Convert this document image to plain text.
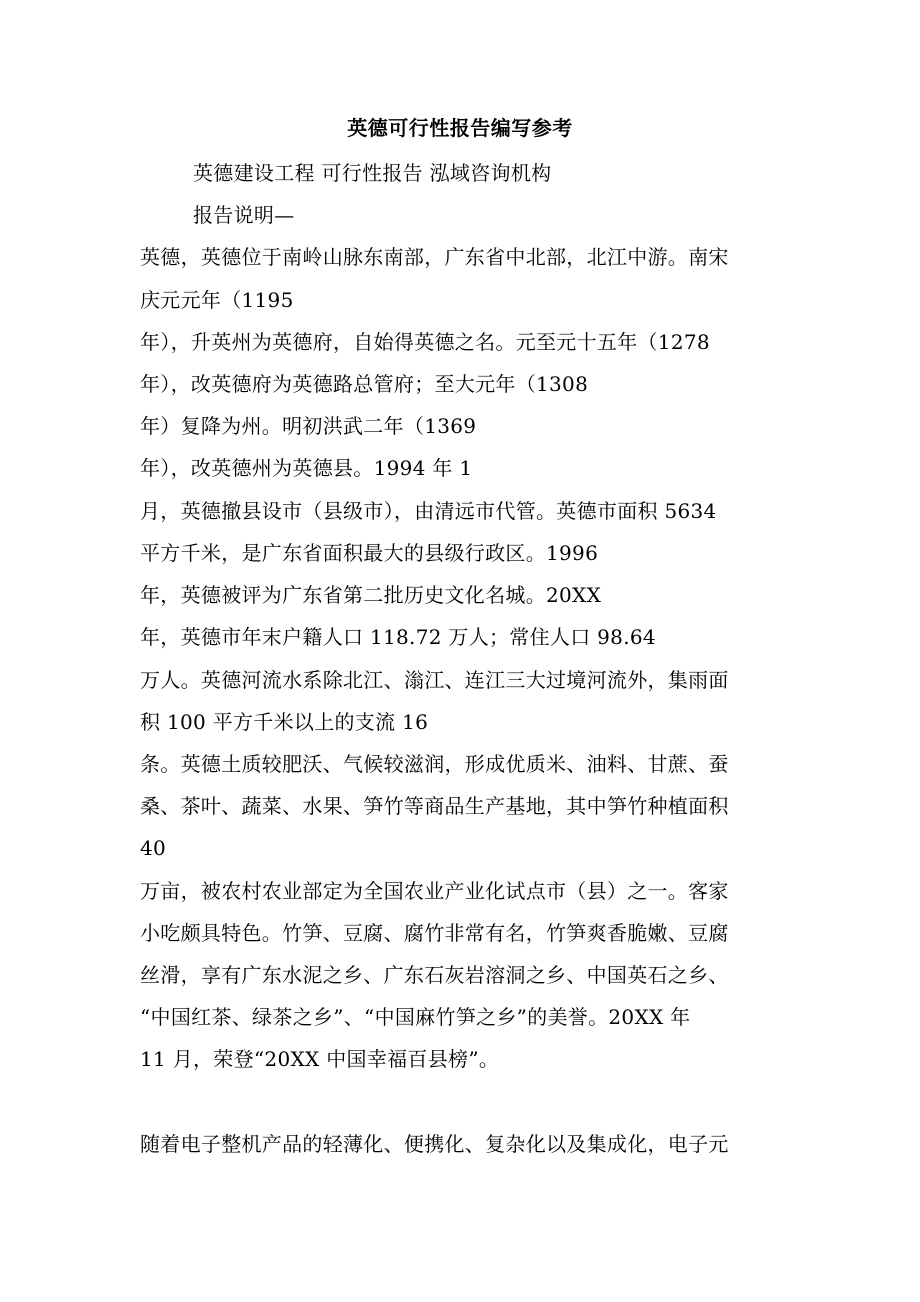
英德可行性报告编写参考
英德建设工程 可行性报告 泓域咨询机构
报告说明—
英德，英德位于南岭山脉东南部，广东省中北部，北江中游。南宋
庆元元年（1195
年），升英州为英德府，自始得英德之名。元至元十五年（1278
年），改英德府为英德路总管府；至大元年（1308
年）复降为州。明初洪武二年（1369
年），改英德州为英德县。1994 年 1
月，英德撤县设市（县级市），由清远市代管。英德市面积 5634
平方千米，是广东省面积最大的县级行政区。1996
年，英德被评为广东省第二批历史文化名城。20XX
年，英德市年末户籍人口 118.72 万人；常住人口 98.64
万人。英德河流水系除北江、滃江、连江三大过境河流外，集雨面
积 100 平方千米以上的支流 16
条。英德土质较肥沃、气候较滋润，形成优质米、油料、甘蔗、蚕
桑、茶叶、蔬菜、水果、笋竹等商品生产基地，其中笋竹种植面积
40
万亩，被农村农业部定为全国农业产业化试点市（县）之一。客家
小吃颇具特色。竹笋、豆腐、腐竹非常有名，竹笋爽香脆嫩、豆腐
丝滑，享有广东水泥之乡、广东石灰岩溶洞之乡、中国英石之乡、
“中国红茶、绿茶之乡”、“中国麻竹笋之乡”的美誉。20XX 年
11 月，荣登“20XX 中国幸福百县榜”。
随着电子整机产品的轻薄化、便携化、复杂化以及集成化，电子元
